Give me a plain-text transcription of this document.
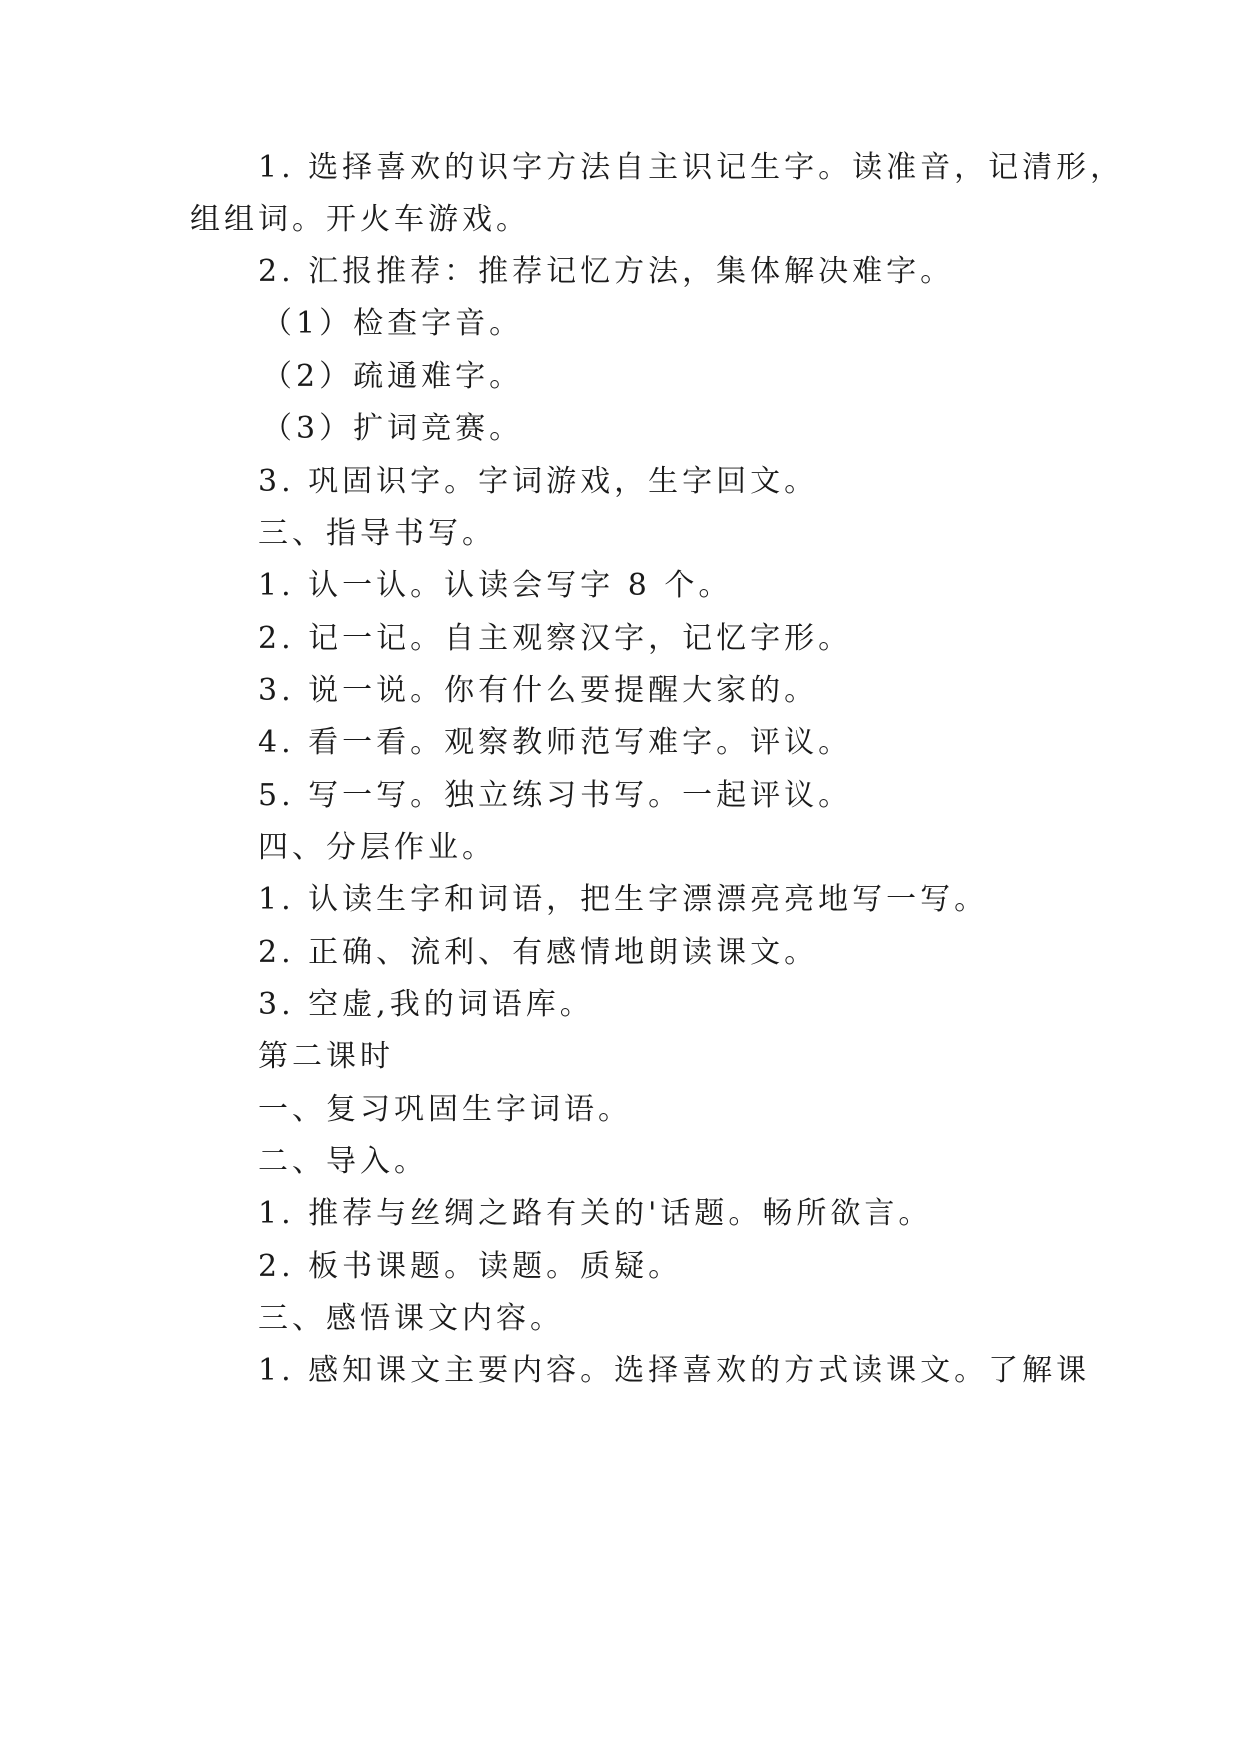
1. 选择喜欢的识字方法自主识记生字。读准音，记清形，
组组词。开火车游戏。
2. 汇报推荐：推荐记忆方法，集体解决难字。
（1）检查字音。
（2）疏通难字。
（3）扩词竞赛。
3. 巩固识字。字词游戏，生字回文。
三、指导书写。
1. 认一认。认读会写字 8 个。
2. 记一记。自主观察汉字，记忆字形。
3. 说一说。你有什么要提醒大家的。
4. 看一看。观察教师范写难字。评议。
5. 写一写。独立练习书写。一起评议。
四、分层作业。
1. 认读生字和词语，把生字漂漂亮亮地写一写。
2. 正确、流利、有感情地朗读课文。
3. 空虚,我的词语库。
第二课时
一、复习巩固生字词语。
二、导入。
1. 推荐与丝绸之路有关的'话题。畅所欲言。
2. 板书课题。读题。质疑。
三、感悟课文内容。
1. 感知课文主要内容。选择喜欢的方式读课文。了解课
